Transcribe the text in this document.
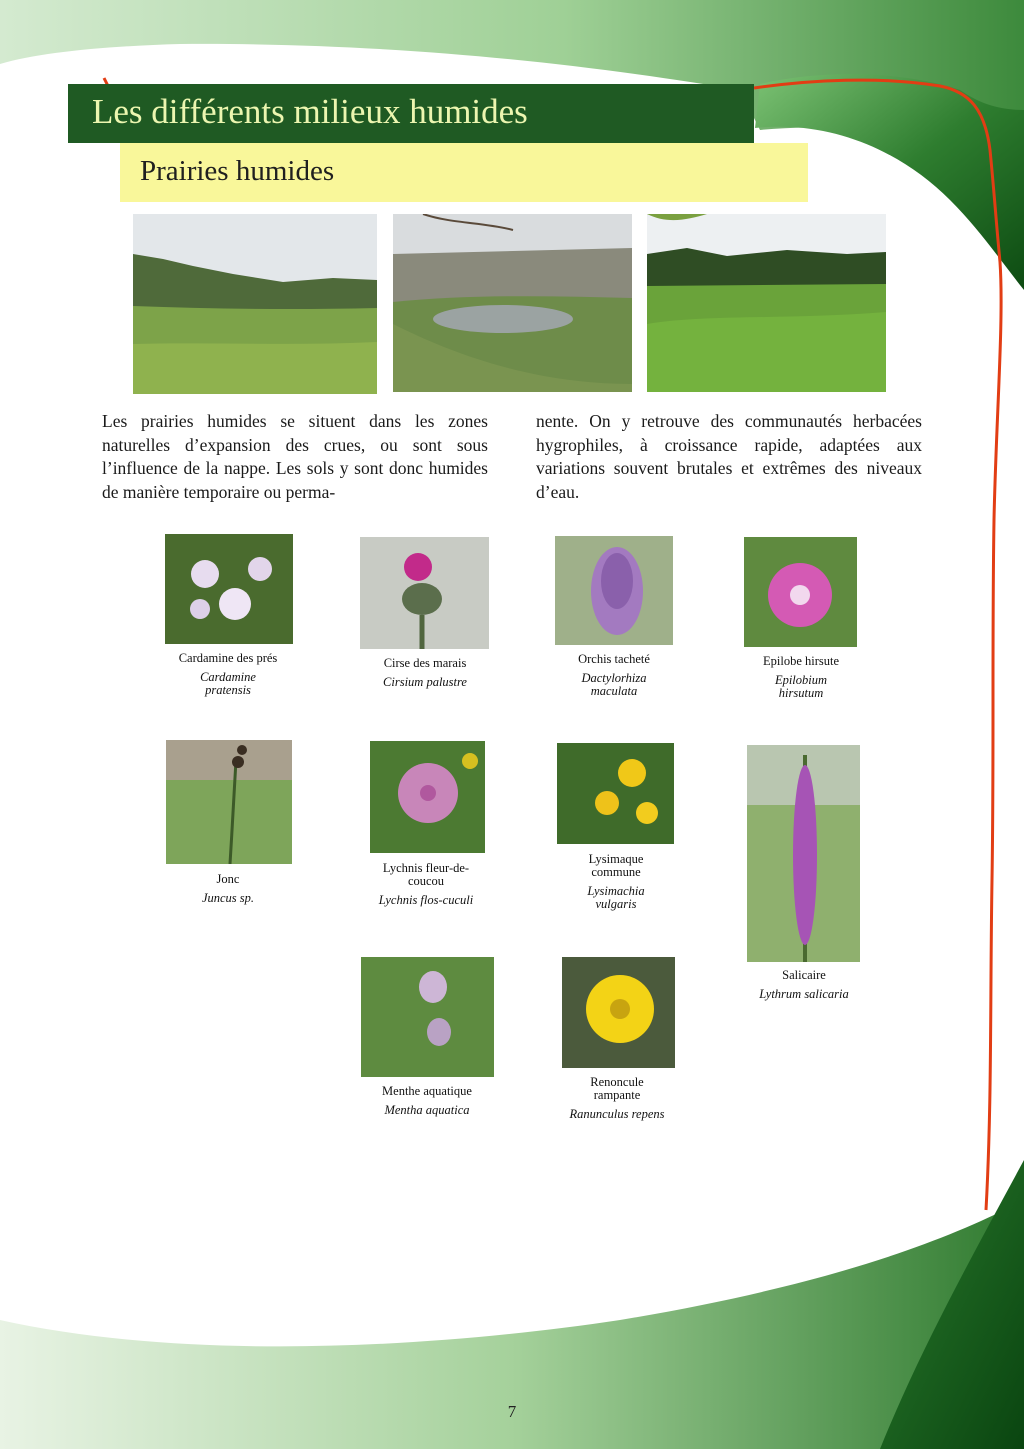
Les différents milieux humides
Prairies humides
Les prairies humides se situent dans les zones naturelles d’expansion des crues, ou sont sous l’influence de la nappe. Les sols y sont donc humides de manière temporaire ou perma-
nente. On y retrouve des communautés herbacées hygrophiles, à croissance rapide, adaptées aux variations souvent brutales et extrêmes des niveaux d’eau.
Cardamine des prés
Cardamine pratensis
Cirse des marais
Cirsium palustre
Orchis tacheté
Dactylorhiza maculata
Epilobe hirsute
Epilobium hirsutum
Jonc
Juncus sp.
Lychnis fleur-de-coucou
Lychnis flos-cuculi
Lysimaque commune
Lysimachia vulgaris
Salicaire
Lythrum salicaria
Menthe aquatique
Mentha aquatica
Renoncule rampante
Ranunculus repens
7
